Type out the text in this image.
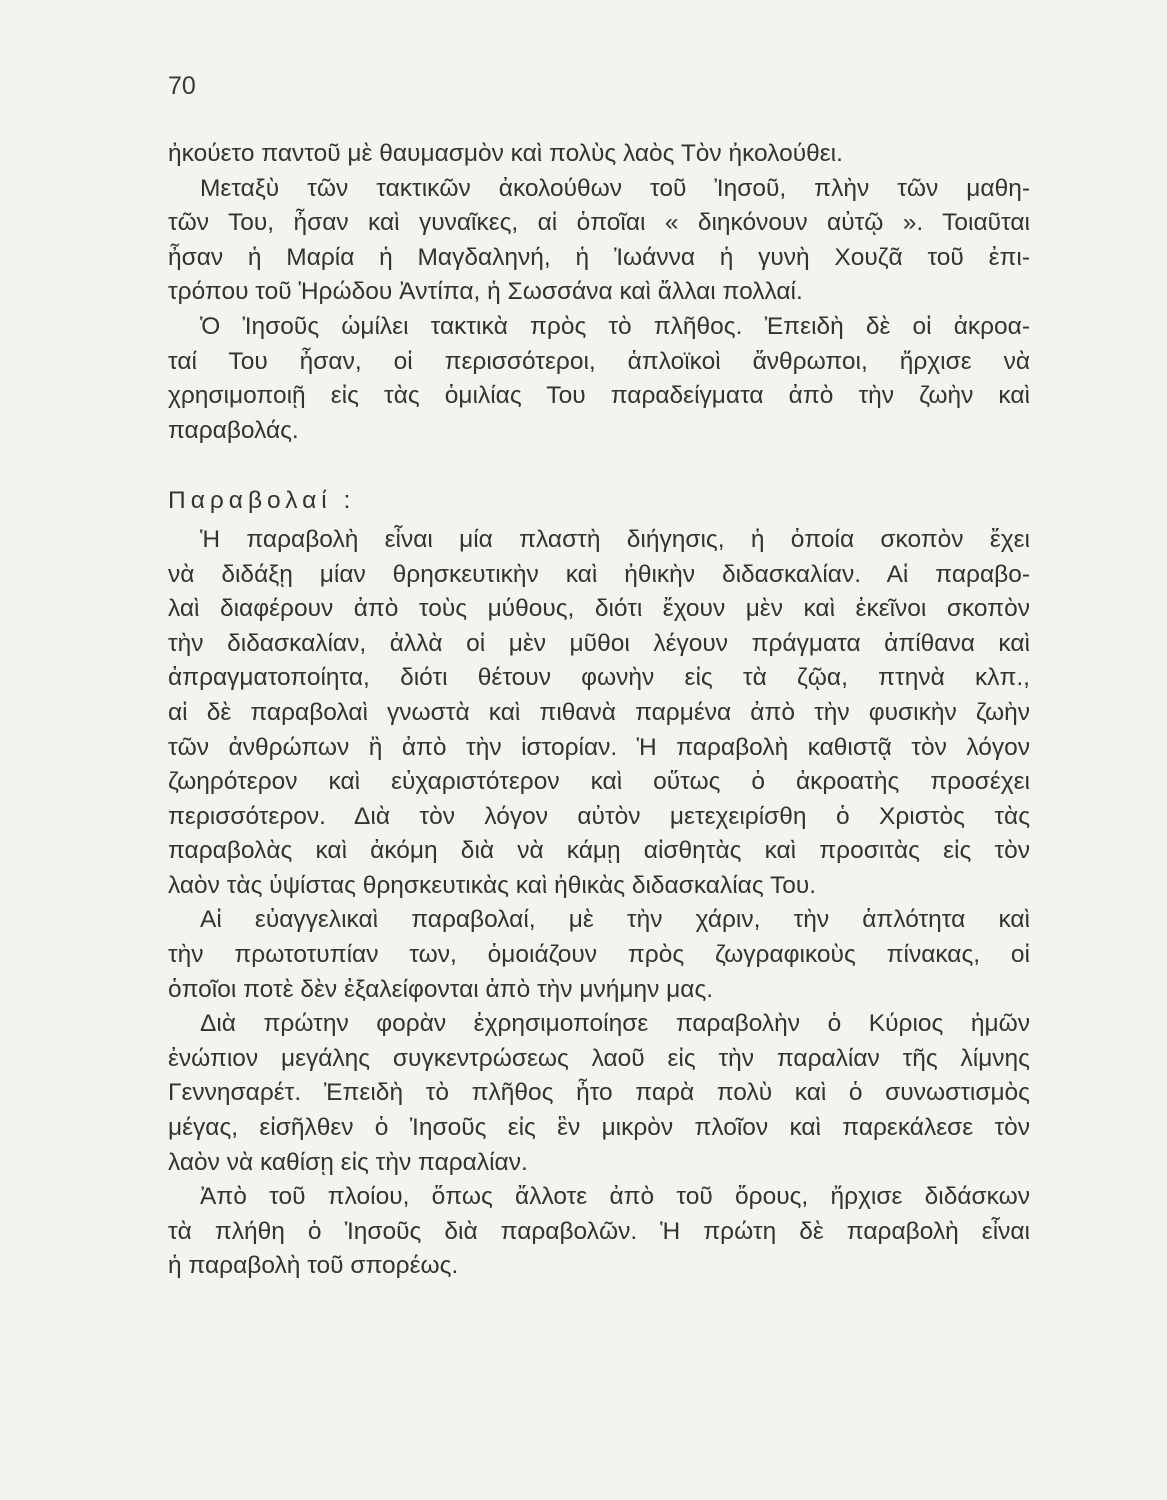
70
ἠκούετο παντοῦ μὲ θαυμασμὸν καὶ πολὺς λαὸς Τὸν ἠκολούθει.
Μεταξὺ τῶν τακτικῶν ἀκολούθων τοῦ Ἰησοῦ, πλὴν τῶν μαθη-
τῶν Του, ἦσαν καὶ γυναῖκες, αἱ ὁποῖαι « διηκόνουν αὐτῷ ». Τοιαῦται
ἦσαν ἡ Μαρία ἡ Μαγδαληνή, ἡ Ἰωάννα ἡ γυνὴ Χουζᾶ τοῦ ἐπι-
τρόπου τοῦ Ἡρώδου Ἀντίπα, ἡ Σωσσάνα καὶ ἄλλαι πολλαί.
Ὁ Ἰησοῦς ὡμίλει τακτικὰ πρὸς τὸ πλῆθος. Ἐπειδὴ δὲ οἱ ἀκροα-
ταί Του ἦσαν, οἱ περισσότεροι, ἁπλοϊκοὶ ἄνθρωποι, ἤρχισε νὰ
χρησιμοποιῇ εἰς τὰς ὁμιλίας Του παραδείγματα ἀπὸ τὴν ζωὴν καὶ
παραβολάς.
Παραβολαί :
Ἡ παραβολὴ εἶναι μία πλαστὴ διήγησις, ἡ ὁποία σκοπὸν ἔχει
νὰ διδάξῃ μίαν θρησκευτικὴν καὶ ἠθικὴν διδασκαλίαν. Αἱ παραβο-
λαὶ διαφέρουν ἀπὸ τοὺς μύθους, διότι ἔχουν μὲν καὶ ἐκεῖνοι σκοπὸν
τὴν διδασκαλίαν, ἀλλὰ οἱ μὲν μῦθοι λέγουν πράγματα ἀπίθανα καὶ
ἀπραγματοποίητα, διότι θέτουν φωνὴν εἰς τὰ ζῷα, πτηνὰ κλπ.,
αἱ δὲ παραβολαὶ γνωστὰ καὶ πιθανὰ παρμένα ἀπὸ τὴν φυσικὴν ζωὴν
τῶν ἀνθρώπων ἢ ἀπὸ τὴν ἱστορίαν. Ἡ παραβολὴ καθιστᾷ τὸν λόγον
ζωηρότερον καὶ εὐχαριστότερον καὶ οὕτως ὁ ἀκροατὴς προσέχει
περισσότερον. Διὰ τὸν λόγον αὐτὸν μετεχειρίσθη ὁ Χριστὸς τὰς
παραβολὰς καὶ ἀκόμη διὰ νὰ κάμῃ αἰσθητὰς καὶ προσιτὰς εἰς τὸν
λαὸν τὰς ὑψίστας θρησκευτικὰς καὶ ἠθικὰς διδασκαλίας Του.
Αἱ εὐαγγελικαὶ παραβολαί, μὲ τὴν χάριν, τὴν ἁπλότητα καὶ
τὴν πρωτοτυπίαν των, ὁμοιάζουν πρὸς ζωγραφικοὺς πίνακας, οἱ
ὁποῖοι ποτὲ δὲν ἐξαλείφονται ἀπὸ τὴν μνήμην μας.
Διὰ πρώτην φορὰν ἐχρησιμοποίησε παραβολὴν ὁ Κύριος ἡμῶν
ἐνώπιον μεγάλης συγκεντρώσεως λαοῦ εἰς τὴν παραλίαν τῆς λίμνης
Γεννησαρέτ. Ἐπειδὴ τὸ πλῆθος ἦτο παρὰ πολὺ καὶ ὁ συνωστισμὸς
μέγας, εἰσῆλθεν ὁ Ἰησοῦς εἰς ἓν μικρὸν πλοῖον καὶ παρεκάλεσε τὸν
λαὸν νὰ καθίσῃ εἰς τὴν παραλίαν.
Ἀπὸ τοῦ πλοίου, ὅπως ἄλλοτε ἀπὸ τοῦ ὄρους, ἤρχισε διδάσκων
τὰ πλήθη ὁ Ἰησοῦς διὰ παραβολῶν. Ἡ πρώτη δὲ παραβολὴ εἶναι
ἡ παραβολὴ τοῦ σπορέως.
